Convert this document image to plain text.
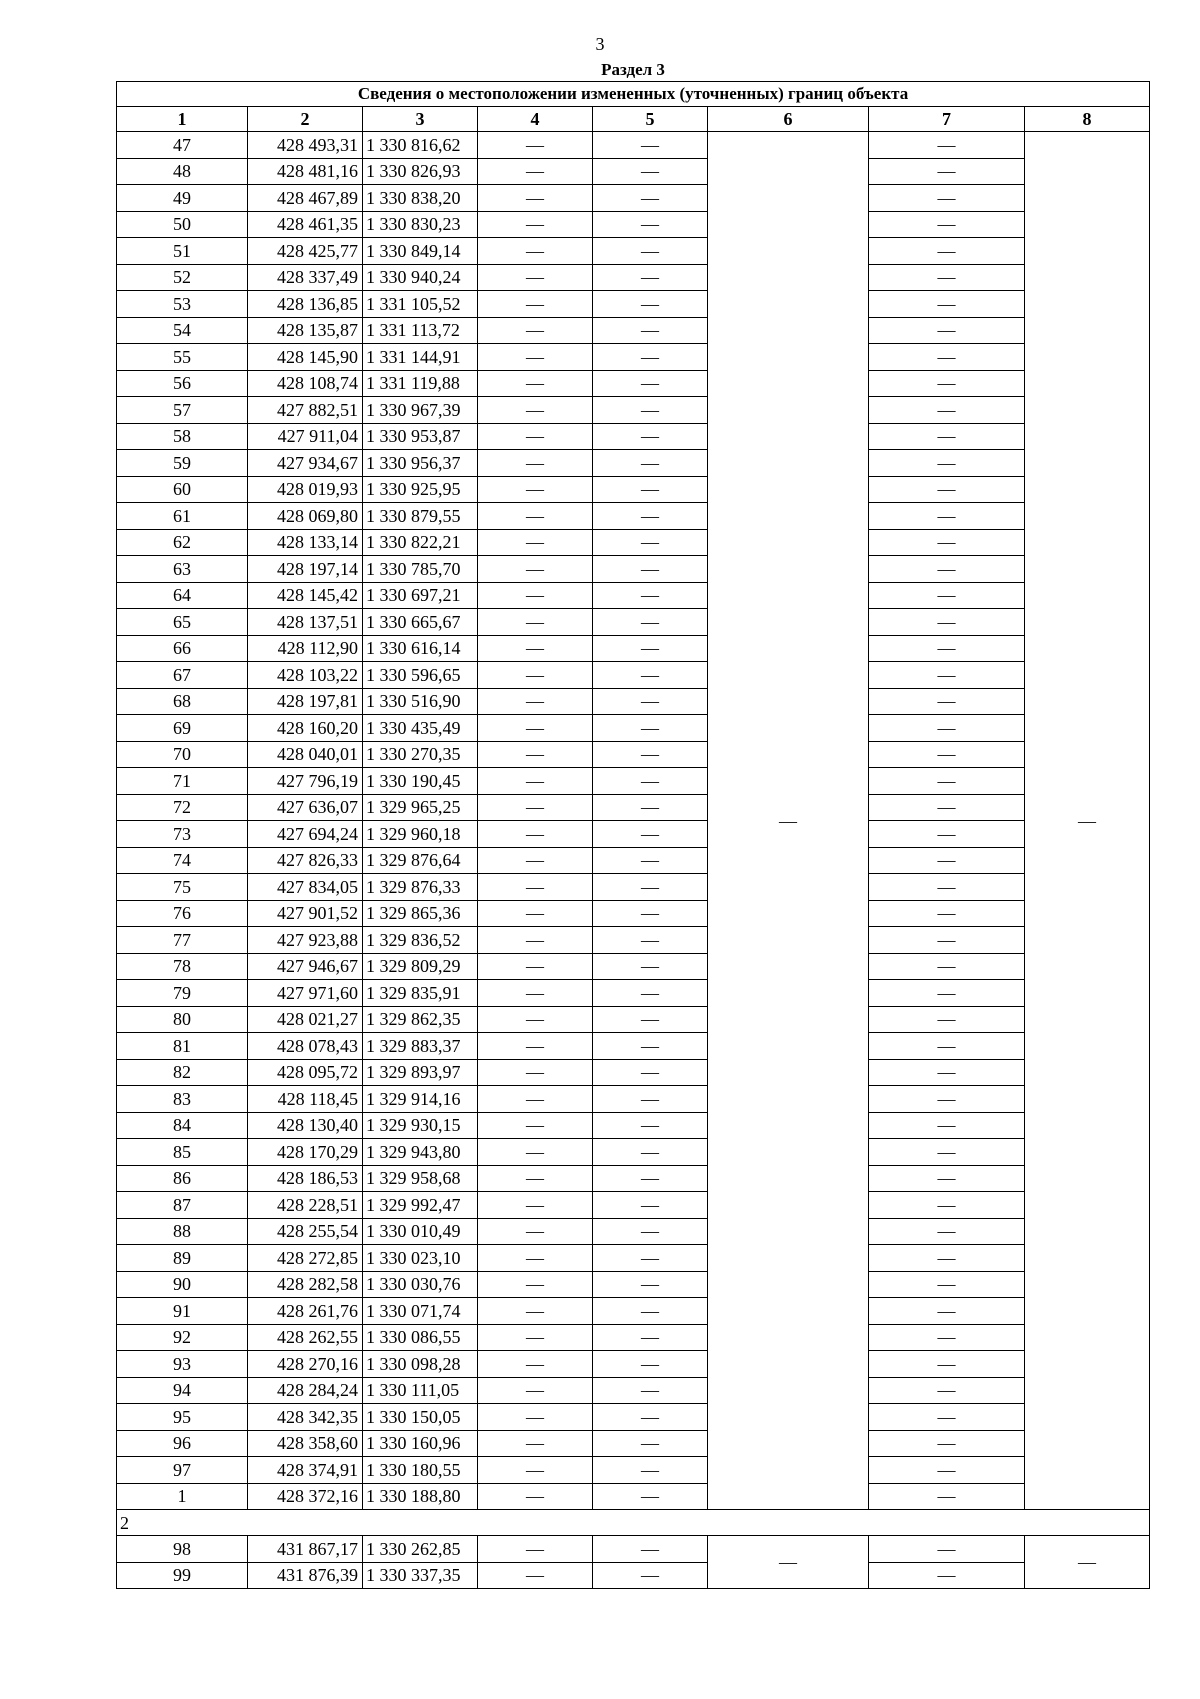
3
Раздел 3
Сведения о местоположении измененных (уточненных) границ объекта							
1	2	3	4	5	6	7	8
47	428 493,31	1 330 816,62	—	—	—	—	—
48	428 481,16	1 330 826,93	—	—		—	
49	428 467,89	1 330 838,20	—	—		—	
50	428 461,35	1 330 830,23	—	—		—	
51	428 425,77	1 330 849,14	—	—		—	
52	428 337,49	1 330 940,24	—	—		—	
53	428 136,85	1 331 105,52	—	—		—	
54	428 135,87	1 331 113,72	—	—		—	
55	428 145,90	1 331 144,91	—	—		—	
56	428 108,74	1 331 119,88	—	—		—	
57	427 882,51	1 330 967,39	—	—		—	
58	427 911,04	1 330 953,87	—	—		—	
59	427 934,67	1 330 956,37	—	—		—	
60	428 019,93	1 330 925,95	—	—		—	
61	428 069,80	1 330 879,55	—	—		—	
62	428 133,14	1 330 822,21	—	—		—	
63	428 197,14	1 330 785,70	—	—		—	
64	428 145,42	1 330 697,21	—	—		—	
65	428 137,51	1 330 665,67	—	—		—	
66	428 112,90	1 330 616,14	—	—		—	
67	428 103,22	1 330 596,65	—	—		—	
68	428 197,81	1 330 516,90	—	—		—	
69	428 160,20	1 330 435,49	—	—		—	
70	428 040,01	1 330 270,35	—	—		—	
71	427 796,19	1 330 190,45	—	—		—	
72	427 636,07	1 329 965,25	—	—		—	
73	427 694,24	1 329 960,18	—	—		—	
74	427 826,33	1 329 876,64	—	—		—	
75	427 834,05	1 329 876,33	—	—		—	
76	427 901,52	1 329 865,36	—	—		—	
77	427 923,88	1 329 836,52	—	—		—	
78	427 946,67	1 329 809,29	—	—		—	
79	427 971,60	1 329 835,91	—	—		—	
80	428 021,27	1 329 862,35	—	—		—	
81	428 078,43	1 329 883,37	—	—		—	
82	428 095,72	1 329 893,97	—	—		—	
83	428 118,45	1 329 914,16	—	—		—	
84	428 130,40	1 329 930,15	—	—		—	
85	428 170,29	1 329 943,80	—	—		—	
86	428 186,53	1 329 958,68	—	—		—	
87	428 228,51	1 329 992,47	—	—		—	
88	428 255,54	1 330 010,49	—	—		—	
89	428 272,85	1 330 023,10	—	—		—	
90	428 282,58	1 330 030,76	—	—		—	
91	428 261,76	1 330 071,74	—	—		—	
92	428 262,55	1 330 086,55	—	—		—	
93	428 270,16	1 330 098,28	—	—		—	
94	428 284,24	1 330 111,05	—	—		—	
95	428 342,35	1 330 150,05	—	—		—	
96	428 358,60	1 330 160,96	—	—		—	
97	428 374,91	1 330 180,55	—	—		—	
1	428 372,16	1 330 188,80	—	—		—	
2							
98	431 867,17	1 330 262,85	—	—	—	—	—
99	431 876,39	1 330 337,35	—	—		—	
